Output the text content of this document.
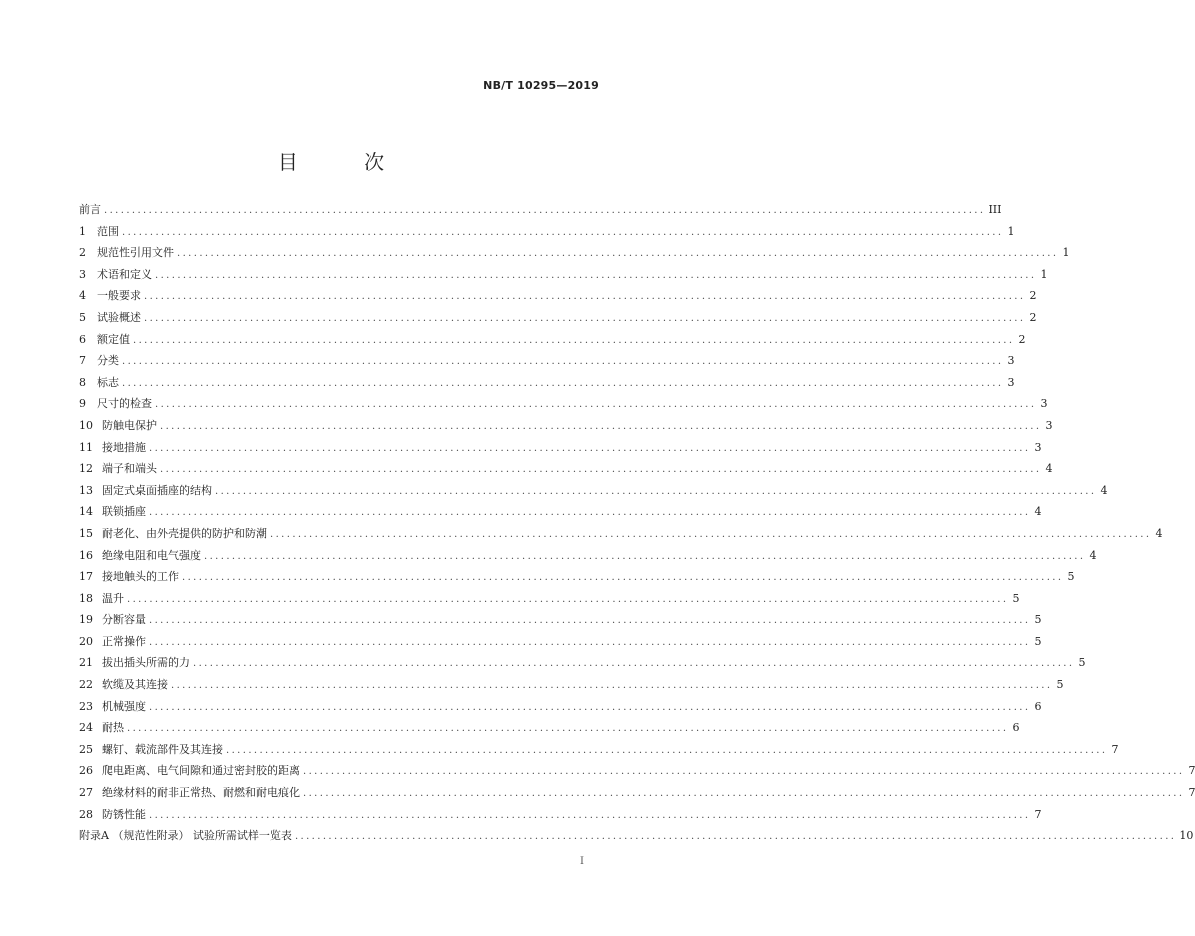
NB/T 10295—2019
目 次
前言 .............................................................................................................................................................. III
1	范围 .............................................................................................................................................................. 1
2	规范性引用文件 .............................................................................................................................................................. 1
3	术语和定义 .............................................................................................................................................................. 1
4	一般要求 .............................................................................................................................................................. 2
5	试验概述 .............................................................................................................................................................. 2
6	额定值 .............................................................................................................................................................. 2
7	分类 .............................................................................................................................................................. 3
8	标志 .............................................................................................................................................................. 3
9	尺寸的检查 .............................................................................................................................................................. 3
10 防触电保护 .............................................................................................................................................................. 3
11 接地措施 .............................................................................................................................................................. 3
12 端子和端头 .............................................................................................................................................................. 4
13 固定式桌面插座的结构 .............................................................................................................................................................. 4
14 联锁插座 .............................................................................................................................................................. 4
15 耐老化、由外壳提供的防护和防潮 .............................................................................................................................................................. 4
16 绝缘电阻和电气强度 .............................................................................................................................................................. 4
17 接地触头的工作 .............................................................................................................................................................. 5
18 温升 .............................................................................................................................................................. 5
19 分断容量 .............................................................................................................................................................. 5
20 正常操作 .............................................................................................................................................................. 5
21 拔出插头所需的力 .............................................................................................................................................................. 5
22 软缆及其连接 .............................................................................................................................................................. 5
23 机械强度 .............................................................................................................................................................. 6
24 耐热 .............................................................................................................................................................. 6
25 螺钉、载流部件及其连接 .............................................................................................................................................................. 7
26 爬电距离、电气间隙和通过密封胶的距离 .............................................................................................................................................................. 7
27 绝缘材料的耐非正常热、耐燃和耐电痕化 .............................................................................................................................................................. 7
28 防锈性能 .............................................................................................................................................................. 7
附录A （规范性附录） 试验所需试样一览表 .............................................................................................................................................................. 10
I
